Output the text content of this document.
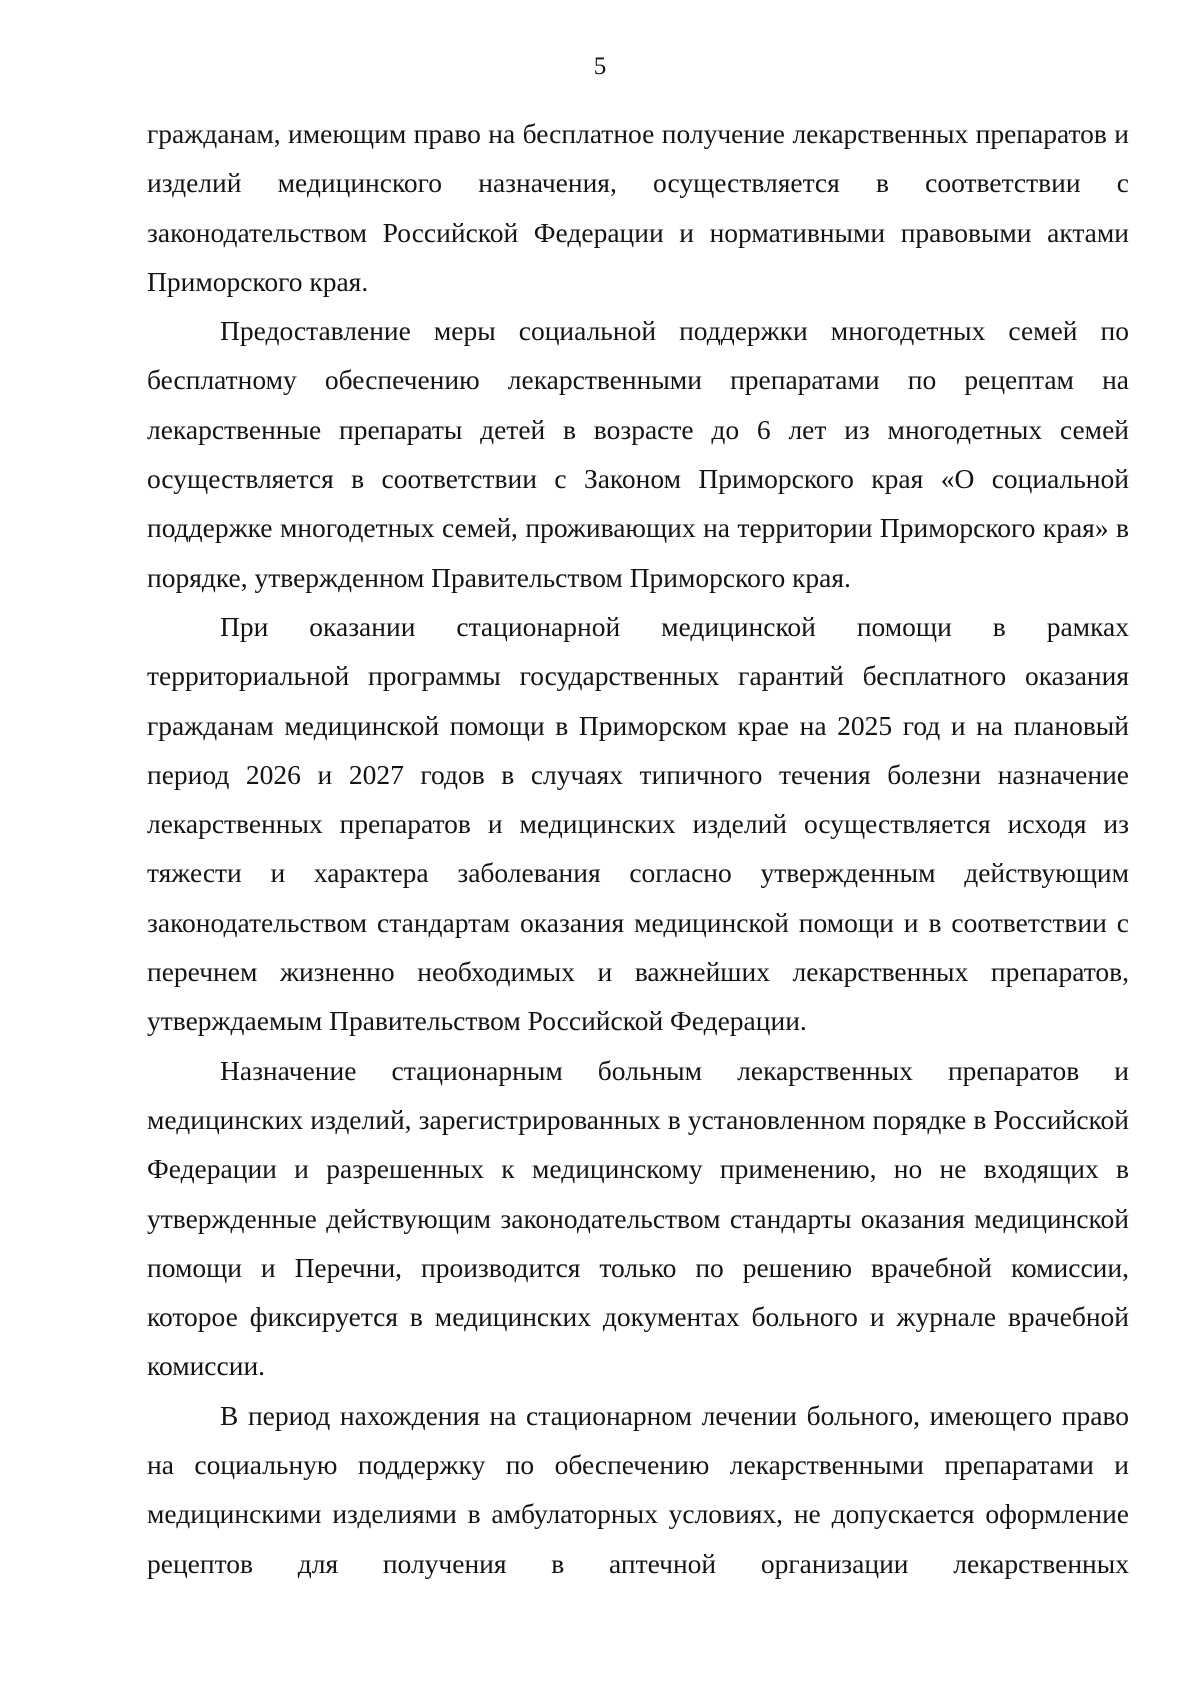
5

гражданам, имеющим право на бесплатное получение лекарственных препаратов и изделий медицинского назначения, осуществляется в соответствии с законодательством Российской Федерации и нормативными правовыми актами Приморского края.

Предоставление меры социальной поддержки многодетных семей по бесплатному обеспечению лекарственными препаратами по рецептам на лекарственные препараты детей в возрасте до 6 лет из многодетных семей осуществляется в соответствии с Законом Приморского края «О социальной поддержке многодетных семей, проживающих на территории Приморского края» в порядке, утвержденном Правительством Приморского края.

При оказании стационарной медицинской помощи в рамках территориальной программы государственных гарантий бесплатного оказания гражданам медицинской помощи в Приморском крае на 2025 год и на плановый период 2026 и 2027 годов в случаях типичного течения болезни назначение лекарственных препаратов и медицинских изделий осуществляется исходя из тяжести и характера заболевания согласно утвержденным действующим законодательством стандартам оказания медицинской помощи и в соответствии с перечнем жизненно необходимых и важнейших лекарственных препаратов, утверждаемым Правительством Российской Федерации.

Назначение стационарным больным лекарственных препаратов и медицинских изделий, зарегистрированных в установленном порядке в Российской Федерации и разрешенных к медицинскому применению, но не входящих в утвержденные действующим законодательством стандарты оказания медицинской помощи и Перечни, производится только по решению врачебной комиссии, которое фиксируется в медицинских документах больного и журнале врачебной комиссии.

В период нахождения на стационарном лечении больного, имеющего право на социальную поддержку по обеспечению лекарственными препаратами и медицинскими изделиями в амбулаторных условиях, не допускается оформление рецептов для получения в аптечной организации лекарственных
